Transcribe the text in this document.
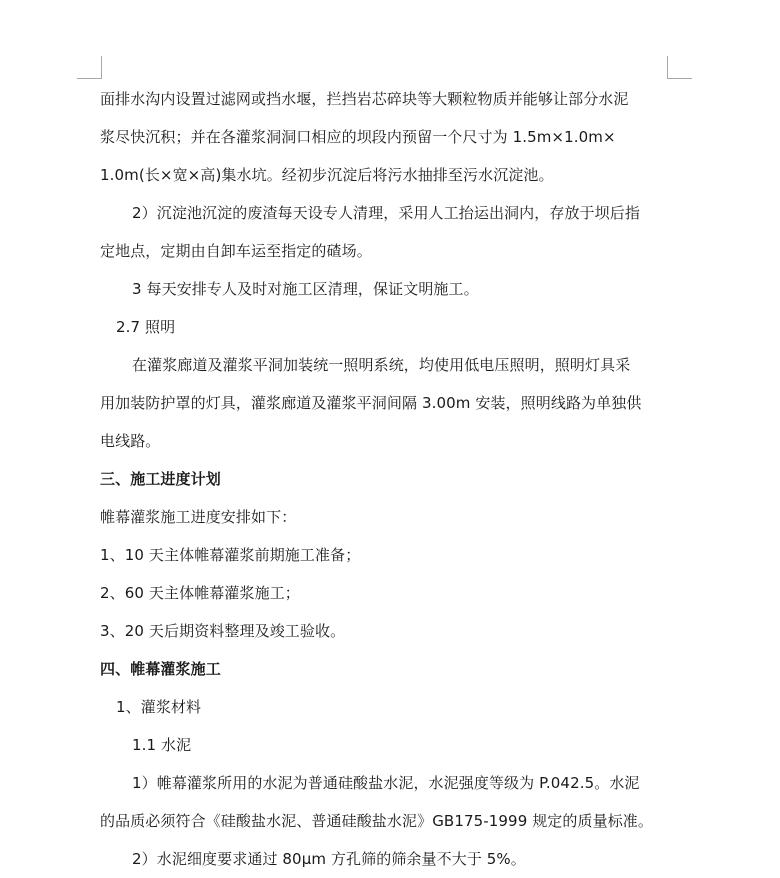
面排水沟内设置过滤网或挡水堰，拦挡岩芯碎块等大颗粒物质并能够让部分水泥
浆尽快沉积；并在各灌浆洞洞口相应的坝段内预留一个尺寸为 1.5m×1.0m×
1.0m(长×宽×高)集水坑。经初步沉淀后将污水抽排至污水沉淀池。
2）沉淀池沉淀的废渣每天设专人清理，采用人工抬运出洞内，存放于坝后指
定地点，定期由自卸车运至指定的碴场。
3 每天安排专人及时对施工区清理，保证文明施工。
2.7 照明
在灌浆廊道及灌浆平洞加装统一照明系统，均使用低电压照明，照明灯具采
用加装防护罩的灯具，灌浆廊道及灌浆平洞间隔 3.00m 安装，照明线路为单独供
电线路。
三、施工进度计划
帷幕灌浆施工进度安排如下：
1、10 天主体帷幕灌浆前期施工准备；
2、60 天主体帷幕灌浆施工；
3、20 天后期资料整理及竣工验收。
四、帷幕灌浆施工
1、灌浆材料
1.1 水泥
1）帷幕灌浆所用的水泥为普通硅酸盐水泥，水泥强度等级为 P.042.5。水泥
的品质必须符合《硅酸盐水泥、普通硅酸盐水泥》GB175-1999 规定的质量标准。
2）水泥细度要求通过 80μm 方孔筛的筛余量不大于 5%。
